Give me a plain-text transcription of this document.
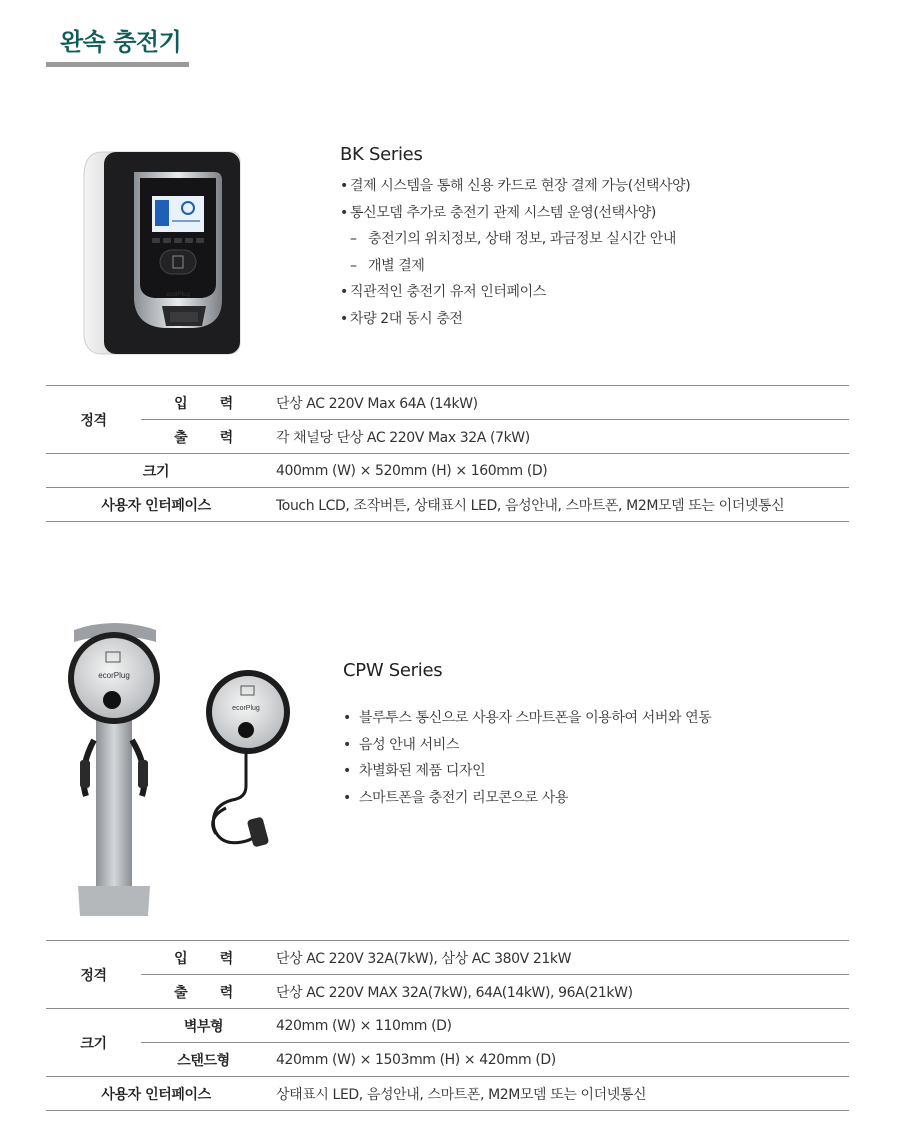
완속 충전기
ecorPlug
BK Series
• 결제 시스템을 통해 신용 카드로 현장 결제 가능(선택사양)
• 통신모뎀 추가로 충전기 관제 시스템 운영(선택사양)
– 충전기의 위치정보, 상태 정보, 과금정보 실시간 안내
– 개별 결제
• 직관적인 충전기 유저 인터페이스
• 차량 2대 동시 충전
정격	입 력	단상 AC 220V Max 64A (14kW)
	출 력	각 채널당 단상 AC 220V Max 32A (7kW)
크기		400mm (W) × 520mm (H) × 160mm (D)
사용자 인터페이스		Touch LCD, 조작버튼, 상태표시 LED, 음성안내, 스마트폰, M2M모뎀 또는 이더넷통신
ecorPlug
ecorPlug
CPW Series
• 블루투스 통신으로 사용자 스마트폰을 이용하여 서버와 연동
• 음성 안내 서비스
• 차별화된 제품 디자인
• 스마트폰을 충전기 리모콘으로 사용
정격	입 력	단상 AC 220V 32A(7kW), 삼상 AC 380V 21kW
	출 력	단상 AC 220V MAX 32A(7kW), 64A(14kW), 96A(21kW)
크기	벽부형	420mm (W) × 110mm (D)
	스탠드형	420mm (W) × 1503mm (H) × 420mm (D)
사용자 인터페이스		상태표시 LED, 음성안내, 스마트폰, M2M모뎀 또는 이더넷통신
